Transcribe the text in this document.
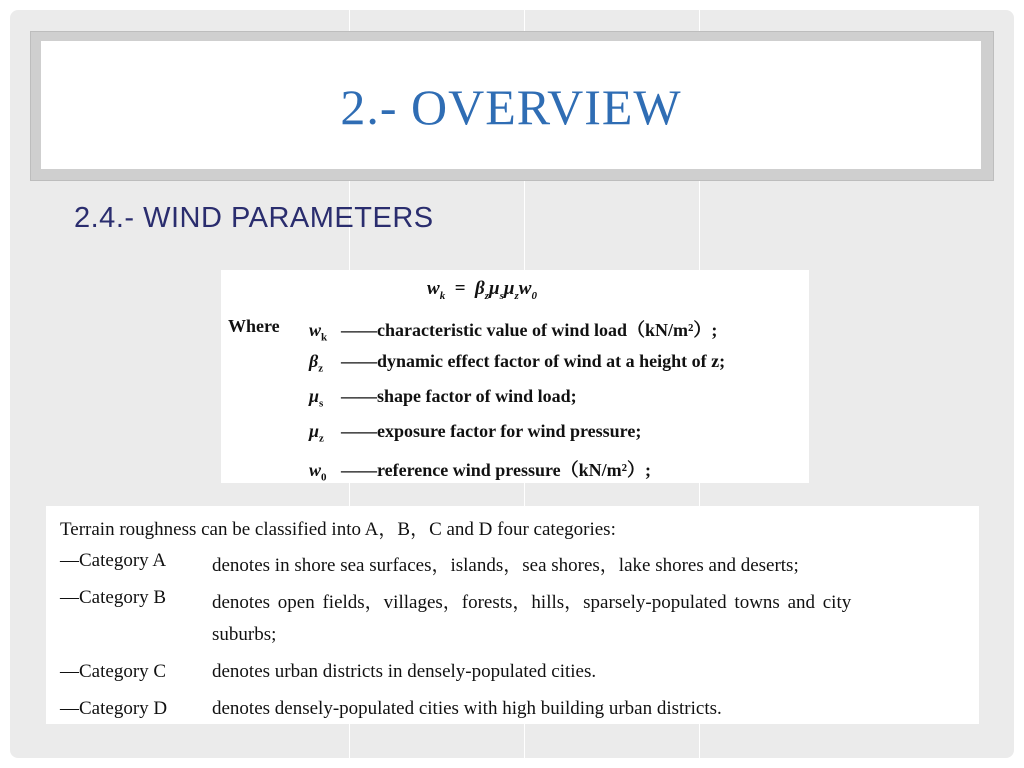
2.- OVERVIEW
2.4.- WIND PARAMETERS
$w_k = \beta_z\mu_s\mu_zw_0$
Where $w_k$ ——characteristic value of wind load（kN/m²）;
$\beta_z$ ——dynamic effect factor of wind at a height of z;
$\mu_s$ ——shape factor of wind load;
$\mu_z$ ——exposure factor for wind pressure;
$w_0$ ——reference wind pressure（kN/m²）;
Terrain roughness can be classified into A，B，C and D four categories:
—Category A denotes in shore sea surfaces，islands，sea shores，lake shores and deserts;
—Category B denotes open fields，villages，forests，hills，sparsely-populated towns and city
suburbs;
—Category C denotes urban districts in densely-populated cities.
—Category D denotes densely-populated cities with high building urban districts.
